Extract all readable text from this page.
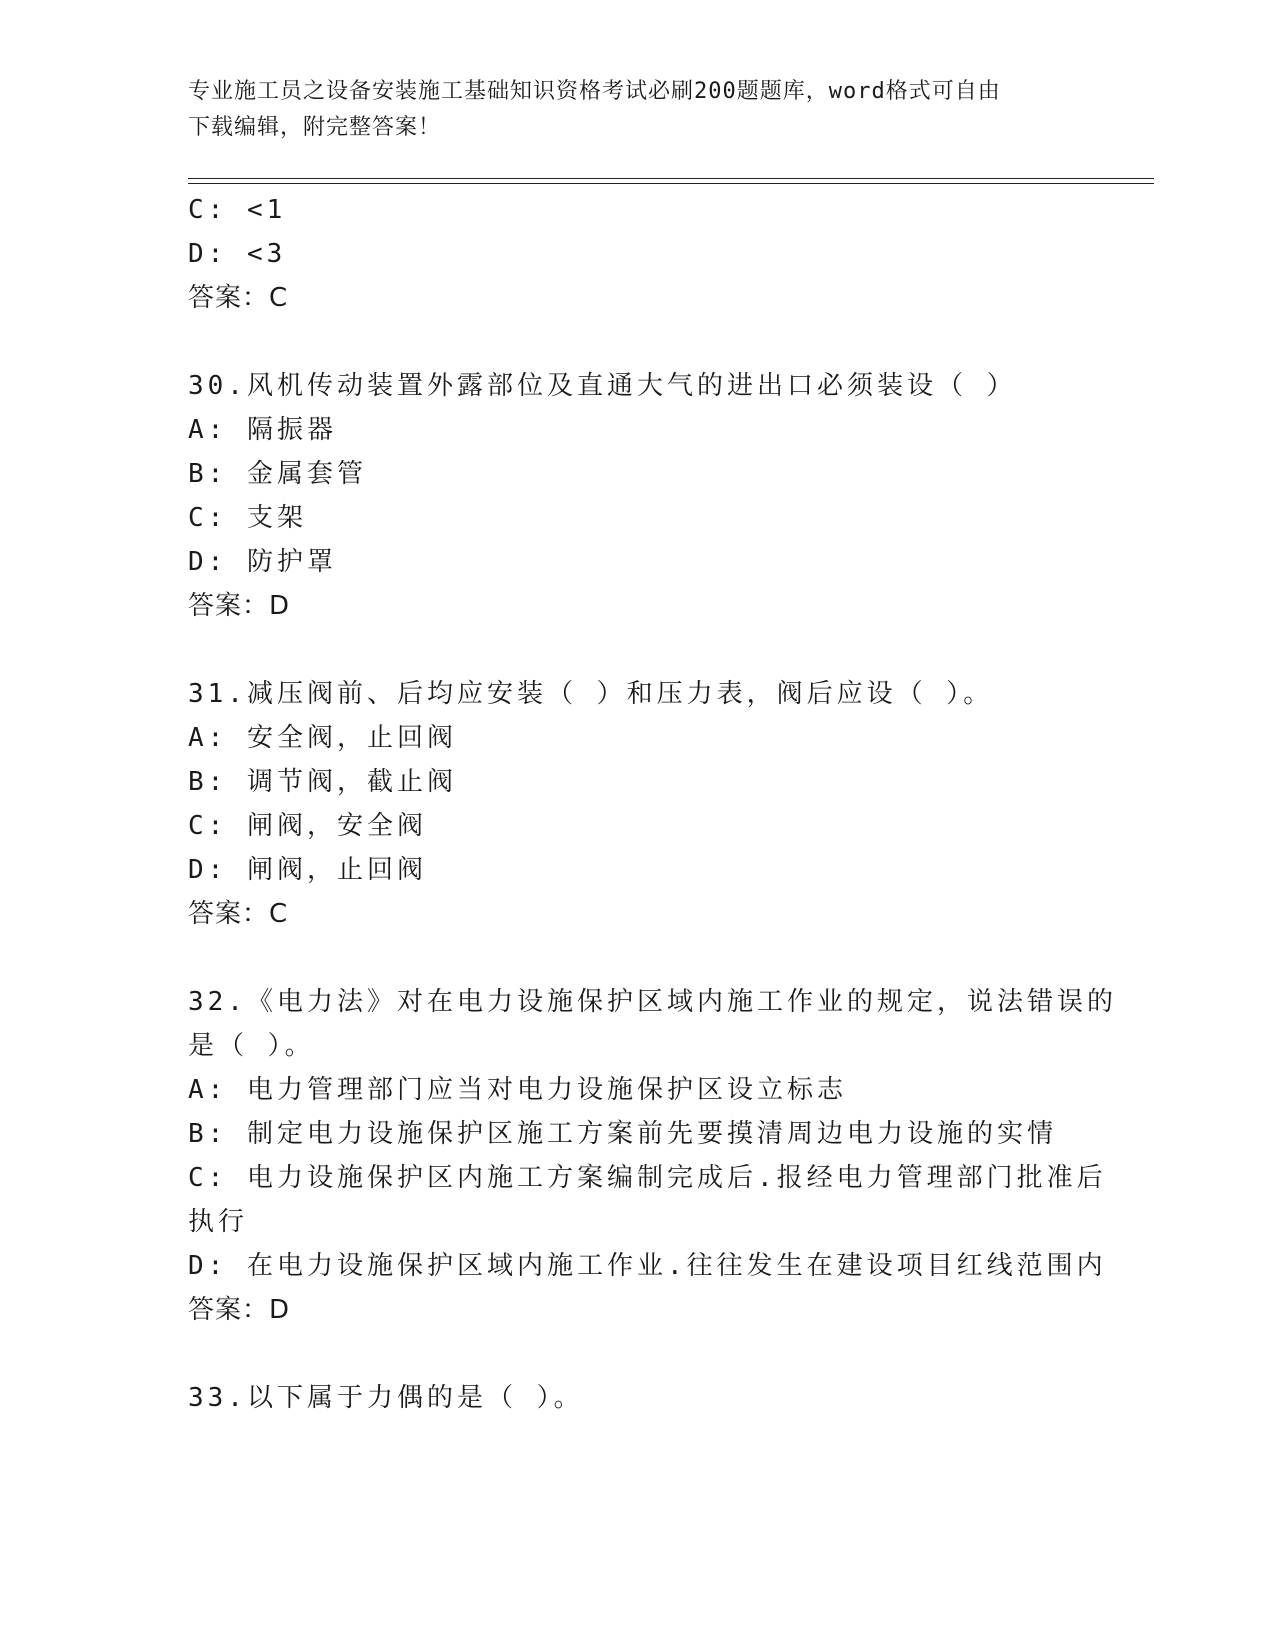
专业施工员之设备安装施工基础知识资格考试必刷200题题库，word格式可自由
下载编辑，附完整答案！
C: <1
D: <3
答案：C
30.风机传动装置外露部位及直通大气的进出口必须装设（ ）
A: 隔振器
B: 金属套管
C: 支架
D: 防护罩
答案：D
31.减压阀前、后均应安装（ ）和压力表，阀后应设（ ）。
A: 安全阀，止回阀
B: 调节阀，截止阀
C: 闸阀，安全阀
D: 闸阀，止回阀
答案：C
32.《电力法》对在电力设施保护区域内施工作业的规定，说法错误的
是（ ）。
A: 电力管理部门应当对电力设施保护区设立标志
B: 制定电力设施保护区施工方案前先要摸清周边电力设施的实情
C: 电力设施保护区内施工方案编制完成后.报经电力管理部门批准后
执行
D: 在电力设施保护区域内施工作业.往往发生在建设项目红线范围内
答案：D
33.以下属于力偶的是（ ）。
